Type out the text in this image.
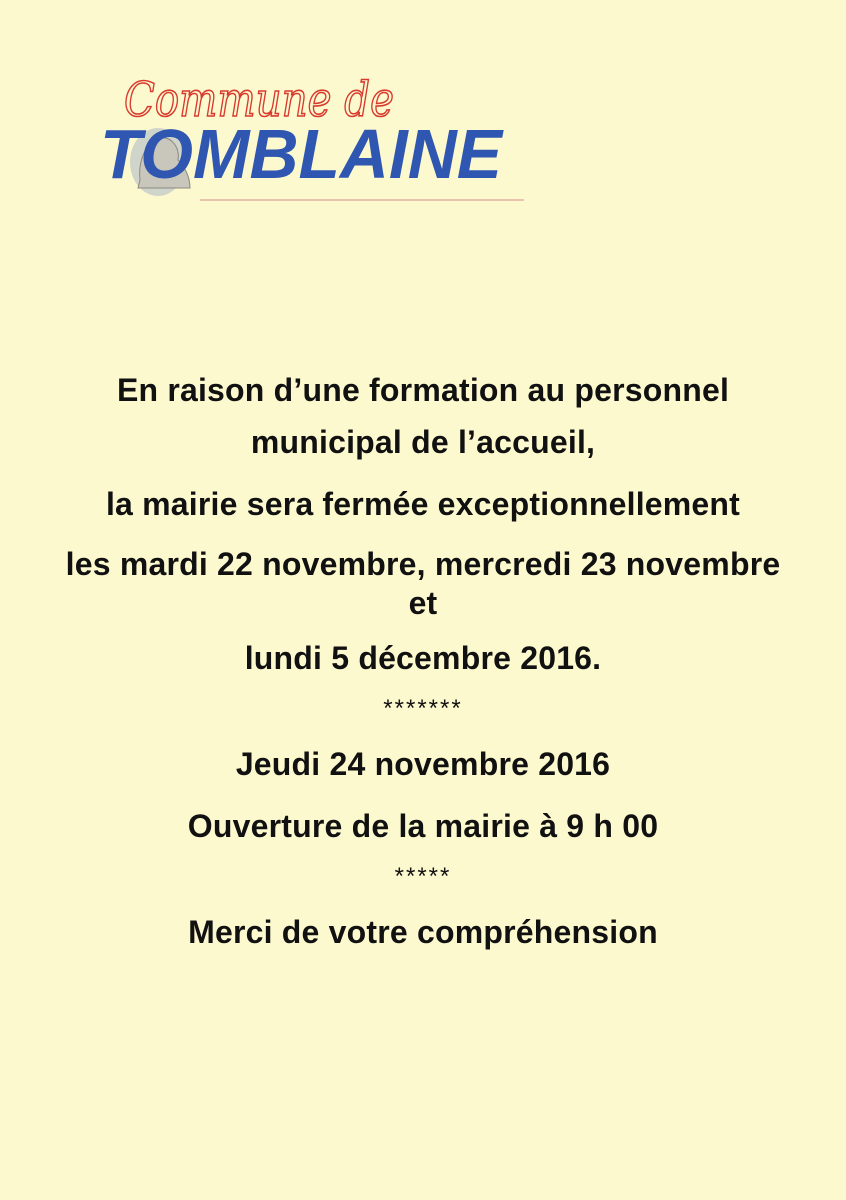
TOMBLAINE
Commune de
En raison d’une formation au personnel
municipal de l’accueil,
la mairie sera fermée exceptionnellement
les mardi 22 novembre, mercredi 23 novembre
et
lundi 5 décembre 2016.
*******
Jeudi 24 novembre 2016
Ouverture de la mairie à 9 h 00
*****
Merci de votre compréhension
